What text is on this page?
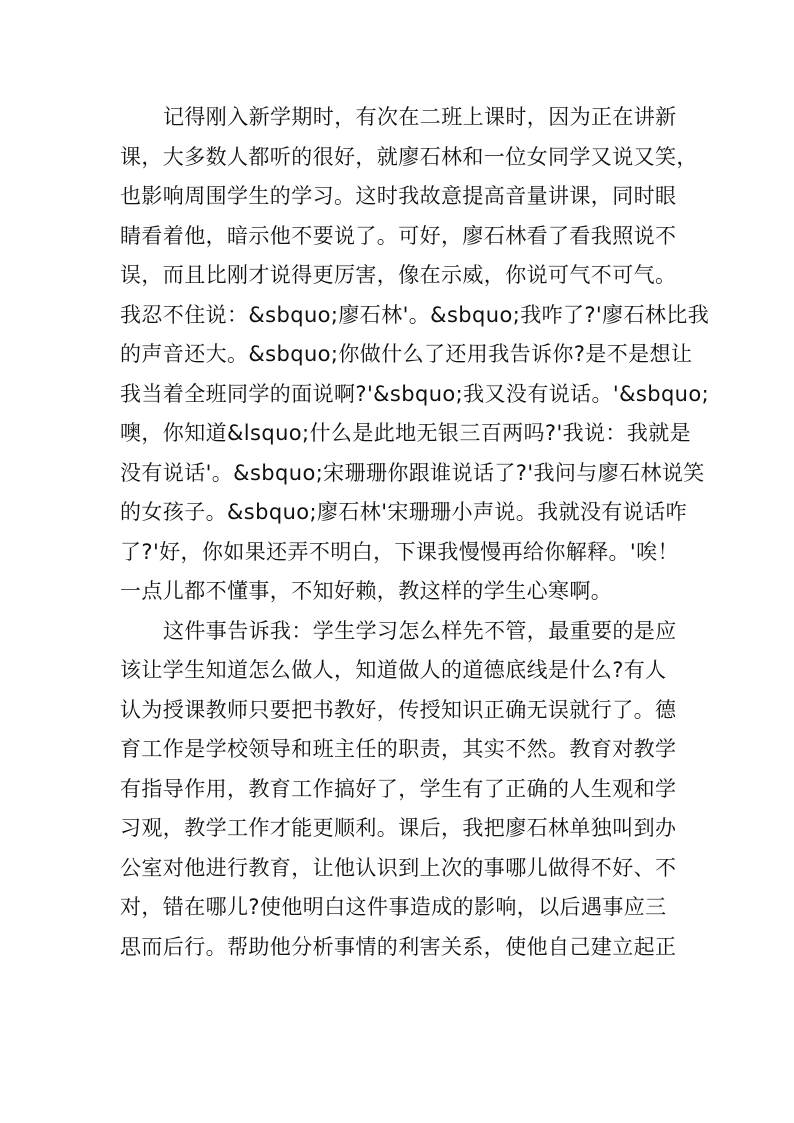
记得刚入新学期时，有次在二班上课时，因为正在讲新
课，大多数人都听的很好，就廖石林和一位女同学又说又笑，
也影响周围学生的学习。这时我故意提高音量讲课，同时眼
睛看着他，暗示他不要说了。可好，廖石林看了看我照说不
误，而且比刚才说得更厉害，像在示威，你说可气不可气。
我忍不住说：&sbquo;廖石林'。&sbquo;我咋了?'廖石林比我
的声音还大。&sbquo;你做什么了还用我告诉你?是不是想让
我当着全班同学的面说啊?'&sbquo;我又没有说话。'&sbquo;
噢，你知道&lsquo;什么是此地无银三百两吗?'我说：我就是
没有说话'。&sbquo;宋珊珊你跟谁说话了?'我问与廖石林说笑
的女孩子。&sbquo;廖石林'宋珊珊小声说。我就没有说话咋
了?'好，你如果还弄不明白，下课我慢慢再给你解释。'唉！
一点儿都不懂事，不知好赖，教这样的学生心寒啊。
这件事告诉我：学生学习怎么样先不管，最重要的是应
该让学生知道怎么做人，知道做人的道德底线是什么?有人
认为授课教师只要把书教好，传授知识正确无误就行了。德
育工作是学校领导和班主任的职责，其实不然。教育对教学
有指导作用，教育工作搞好了，学生有了正确的人生观和学
习观，教学工作才能更顺利。课后，我把廖石林单独叫到办
公室对他进行教育，让他认识到上次的事哪儿做得不好、不
对，错在哪儿?使他明白这件事造成的影响，以后遇事应三
思而后行。帮助他分析事情的利害关系，使他自己建立起正
